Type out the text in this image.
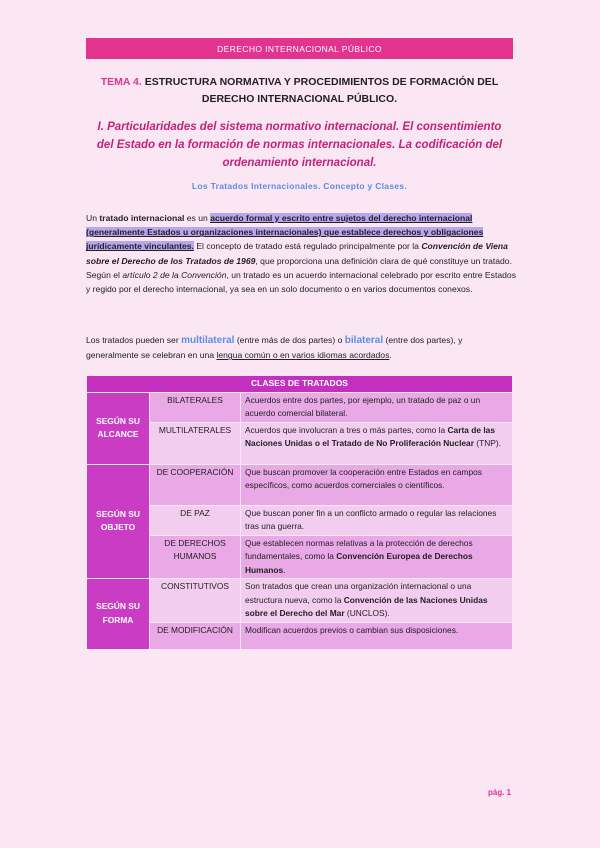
DERECHO INTERNACIONAL PÚBLICO
TEMA 4. ESTRUCTURA NORMATIVA Y PROCEDIMIENTOS DE FORMACIÓN DEL DERECHO INTERNACIONAL PÚBLICO.
I. Particularidades del sistema normativo internacional. El consentimiento del Estado en la formación de normas internacionales. La codificación del ordenamiento internacional.
Los Tratados Internacionales. Concepto y Clases.
Un tratado internacional es un acuerdo formal y escrito entre sujetos del derecho internacional (generalmente Estados u organizaciones internacionales) que establece derechos y obligaciones jurídicamente vinculantes. El concepto de tratado está regulado principalmente por la Convención de Viena sobre el Derecho de los Tratados de 1969, que proporciona una definición clara de qué constituye un tratado. Según el artículo 2 de la Convención, un tratado es un acuerdo internacional celebrado por escrito entre Estados y regido por el derecho internacional, ya sea en un solo documento o en varios documentos conexos.
Los tratados pueden ser multilateral (entre más de dos partes) o bilateral (entre dos partes), y generalmente se celebran en una lengua común o en varios idiomas acordados.
CLASES DE TRATADOS		
SEGÚN SU ALCANCE	BILATERALES	Acuerdos entre dos partes, por ejemplo, un tratado de paz o un acuerdo comercial bilateral.
	MULTILATERALES	Acuerdos que involucran a tres o más partes, como la Carta de las Naciones Unidas o el Tratado de No Proliferación Nuclear (TNP).
SEGÚN SU OBJETO	DE COOPERACIÓN	Que buscan promover la cooperación entre Estados en campos específicos, como acuerdos comerciales o científicos.
	DE PAZ	Que buscan poner fin a un conflicto armado o regular las relaciones tras una guerra.
	DE DERECHOS HUMANOS	Que establecen normas relativas a la protección de derechos fundamentales, como la Convención Europea de Derechos Humanos.
SEGÚN SU FORMA	CONSTITUTIVOS	Son tratados que crean una organización internacional o una estructura nueva, como la Convención de las Naciones Unidas sobre el Derecho del Mar (UNCLOS).
	DE MODIFICACIÓN	Modifican acuerdos previos o cambian sus disposiciones.
pág. 1
